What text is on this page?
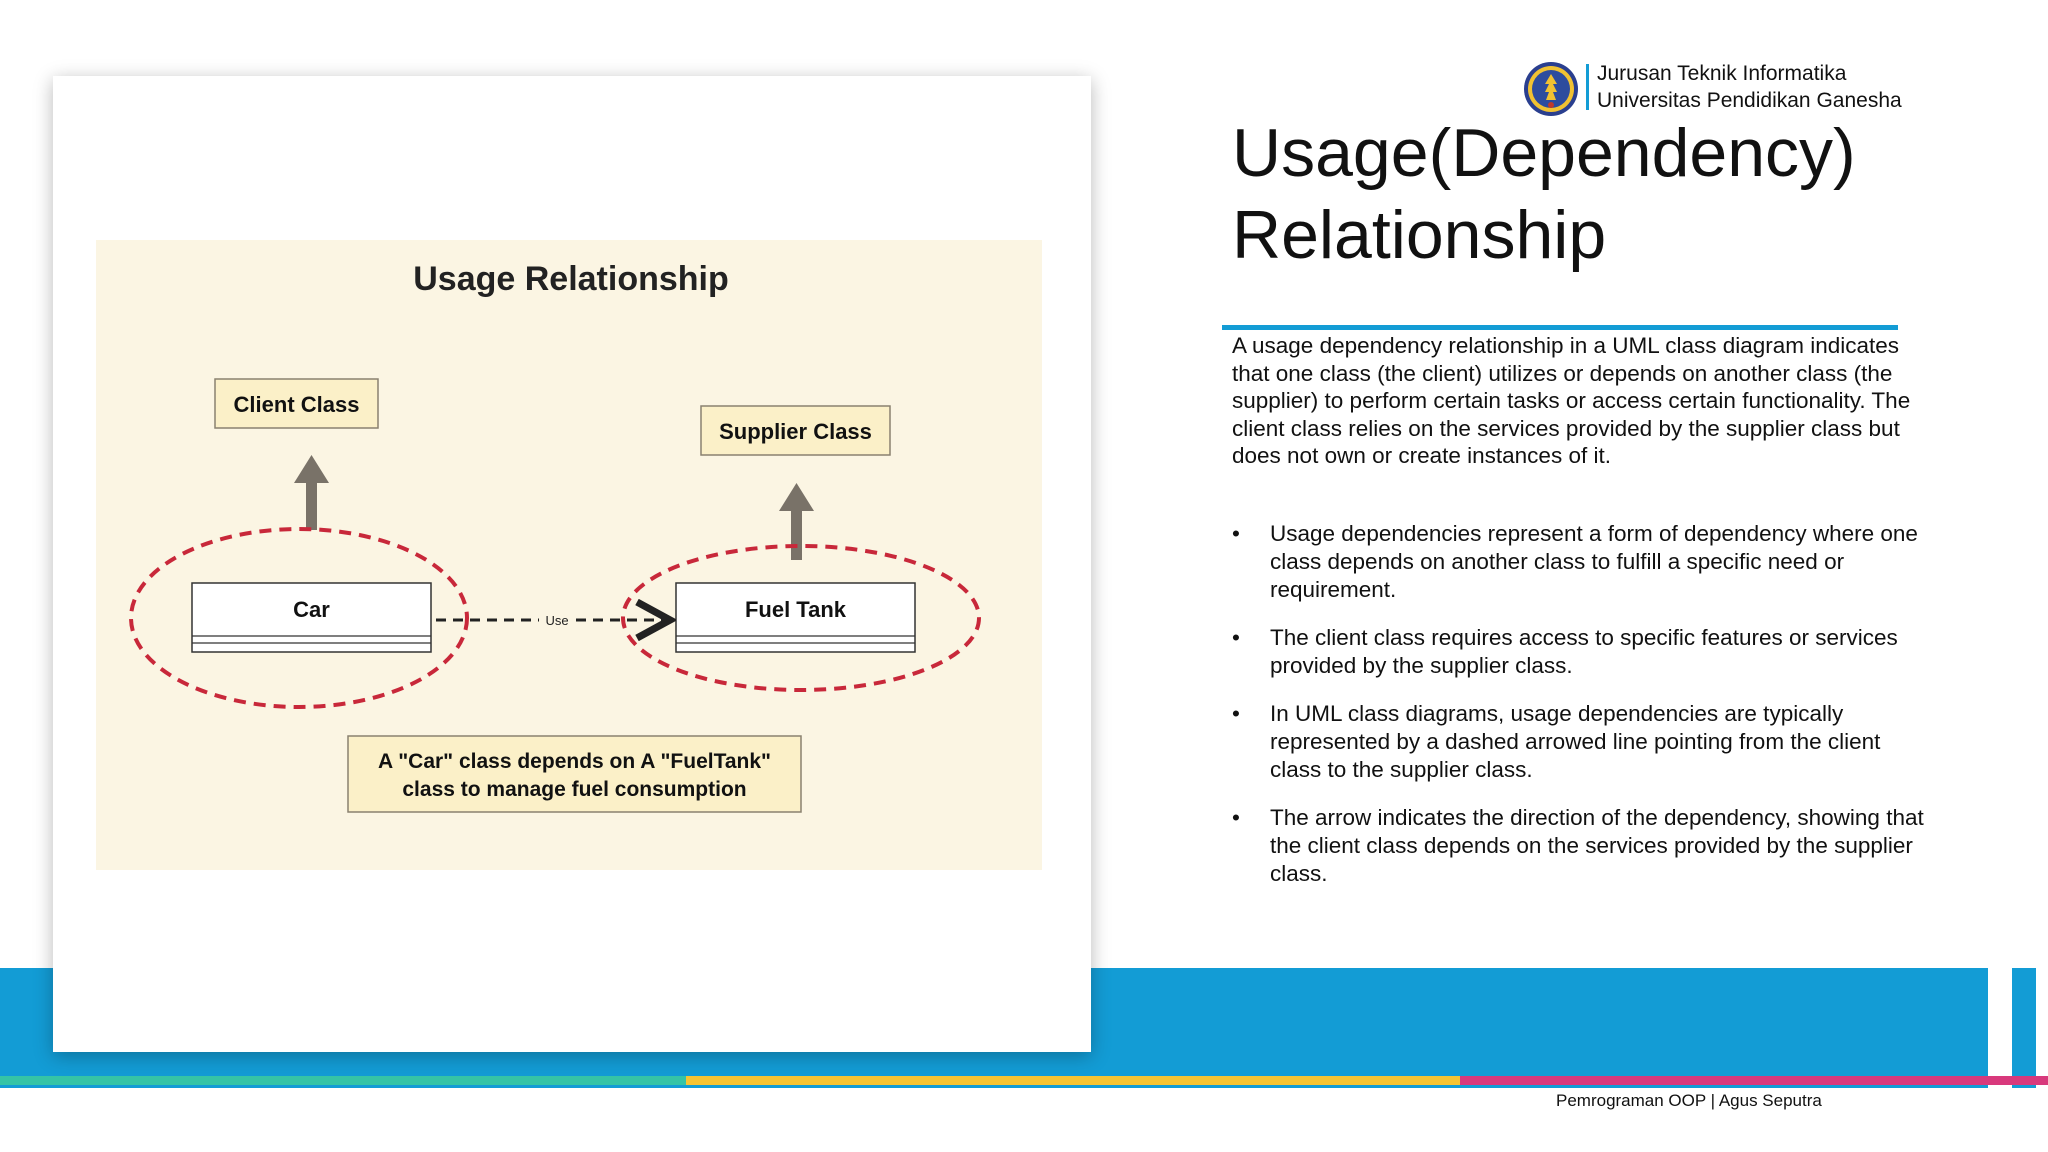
Usage Relationship
Client Class
Supplier Class
Car	Fuel Tank
Use
A "Car" class depends on A "FuelTank"
class to manage fuel consumption
Jurusan Teknik Informatika
Universitas Pendidikan Ganesha
Usage(Dependency)
Relationship

A usage dependency relationship in a UML class diagram indicates that one class (the client) utilizes or depends on another class (the supplier) to perform certain tasks or access certain functionality. The client class relies on the services provided by the supplier class but does not own or create instances of it.

• Usage dependencies represent a form of dependency where one class depends on another class to fulfill a specific need or requirement.
• The client class requires access to specific features or services provided by the supplier class.
• In UML class diagrams, usage dependencies are typically represented by a dashed arrowed line pointing from the client class to the supplier class.
• The arrow indicates the direction of the dependency, showing that the client class depends on the services provided by the supplier class.
Pemrograman OOP | Agus Seputra
